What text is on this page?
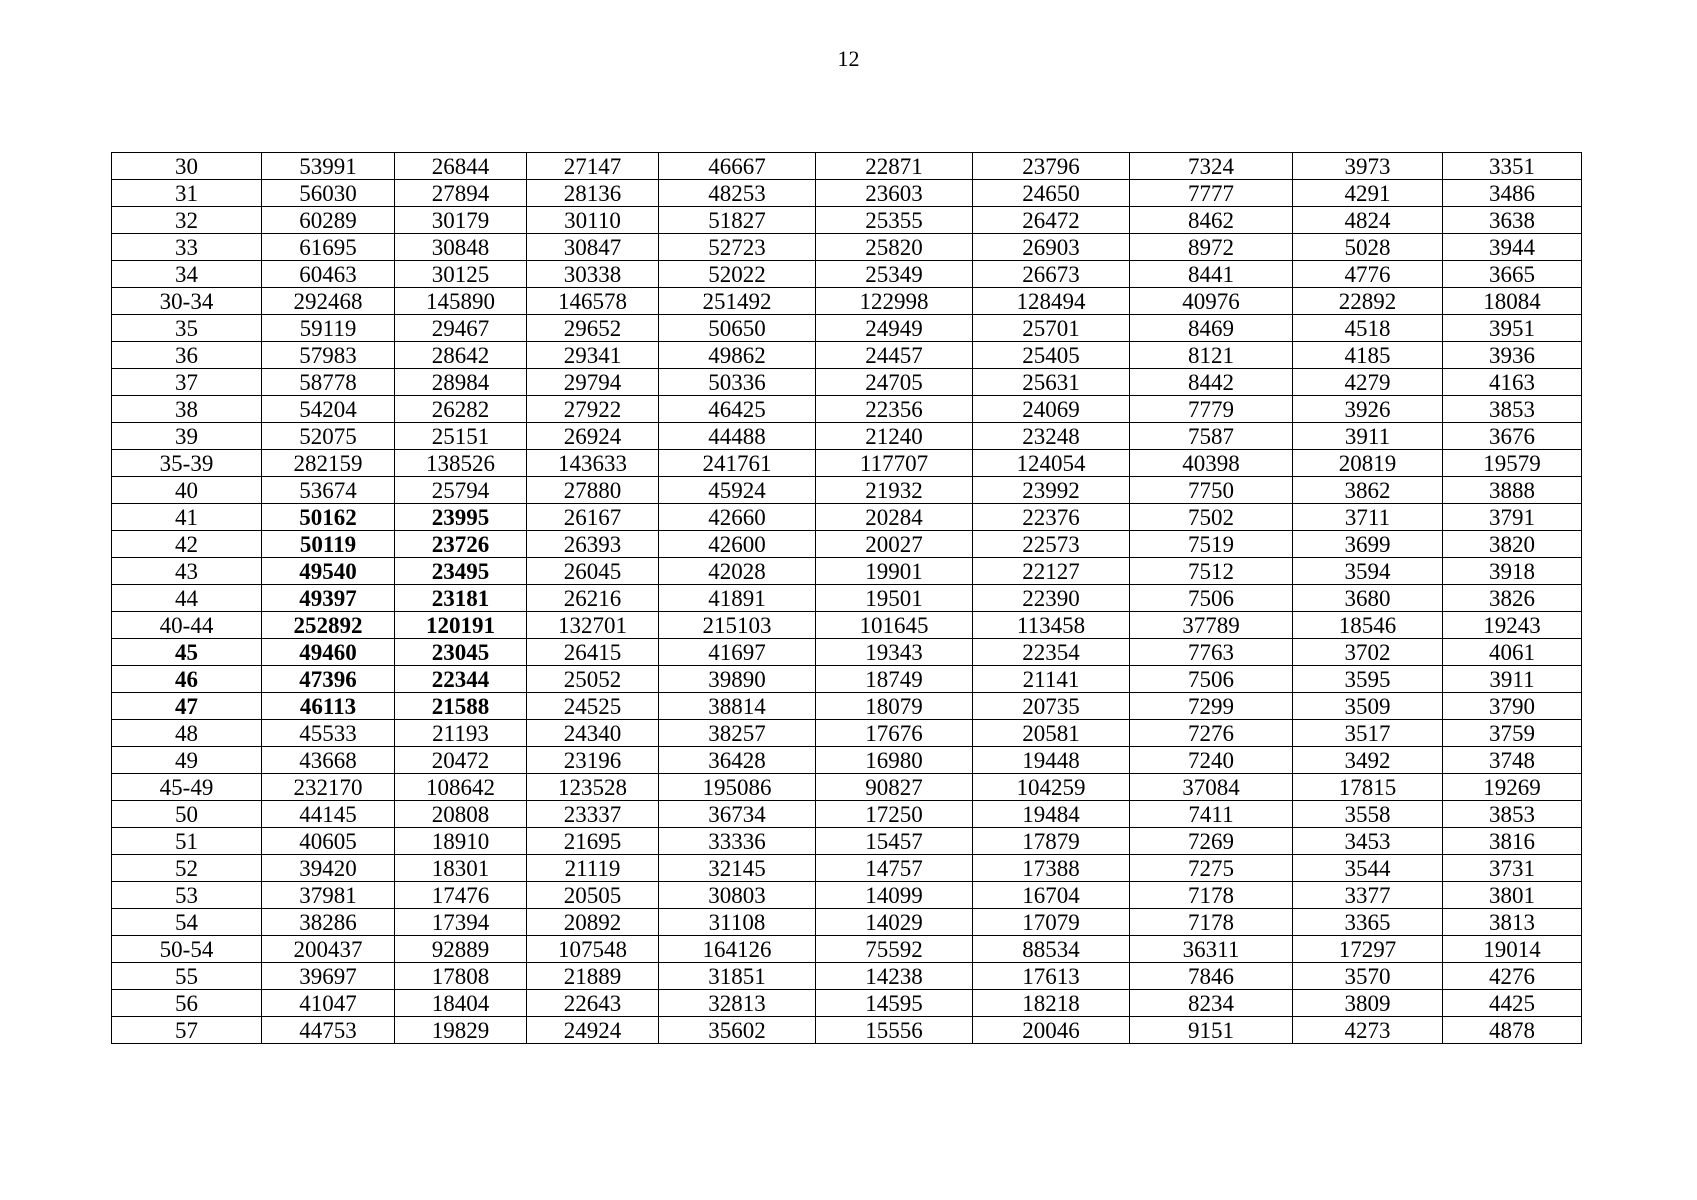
12
30	53991	26844	27147	46667	22871	23796	7324	3973	3351
31	56030	27894	28136	48253	23603	24650	7777	4291	3486
32	60289	30179	30110	51827	25355	26472	8462	4824	3638
33	61695	30848	30847	52723	25820	26903	8972	5028	3944
34	60463	30125	30338	52022	25349	26673	8441	4776	3665
30-34	292468	145890	146578	251492	122998	128494	40976	22892	18084
35	59119	29467	29652	50650	24949	25701	8469	4518	3951
36	57983	28642	29341	49862	24457	25405	8121	4185	3936
37	58778	28984	29794	50336	24705	25631	8442	4279	4163
38	54204	26282	27922	46425	22356	24069	7779	3926	3853
39	52075	25151	26924	44488	21240	23248	7587	3911	3676
35-39	282159	138526	143633	241761	117707	124054	40398	20819	19579
40	53674	25794	27880	45924	21932	23992	7750	3862	3888
41	50162	23995	26167	42660	20284	22376	7502	3711	3791
42	50119	23726	26393	42600	20027	22573	7519	3699	3820
43	49540	23495	26045	42028	19901	22127	7512	3594	3918
44	49397	23181	26216	41891	19501	22390	7506	3680	3826
40-44	252892	120191	132701	215103	101645	113458	37789	18546	19243
45	49460	23045	26415	41697	19343	22354	7763	3702	4061
46	47396	22344	25052	39890	18749	21141	7506	3595	3911
47	46113	21588	24525	38814	18079	20735	7299	3509	3790
48	45533	21193	24340	38257	17676	20581	7276	3517	3759
49	43668	20472	23196	36428	16980	19448	7240	3492	3748
45-49	232170	108642	123528	195086	90827	104259	37084	17815	19269
50	44145	20808	23337	36734	17250	19484	7411	3558	3853
51	40605	18910	21695	33336	15457	17879	7269	3453	3816
52	39420	18301	21119	32145	14757	17388	7275	3544	3731
53	37981	17476	20505	30803	14099	16704	7178	3377	3801
54	38286	17394	20892	31108	14029	17079	7178	3365	3813
50-54	200437	92889	107548	164126	75592	88534	36311	17297	19014
55	39697	17808	21889	31851	14238	17613	7846	3570	4276
56	41047	18404	22643	32813	14595	18218	8234	3809	4425
57	44753	19829	24924	35602	15556	20046	9151	4273	4878
